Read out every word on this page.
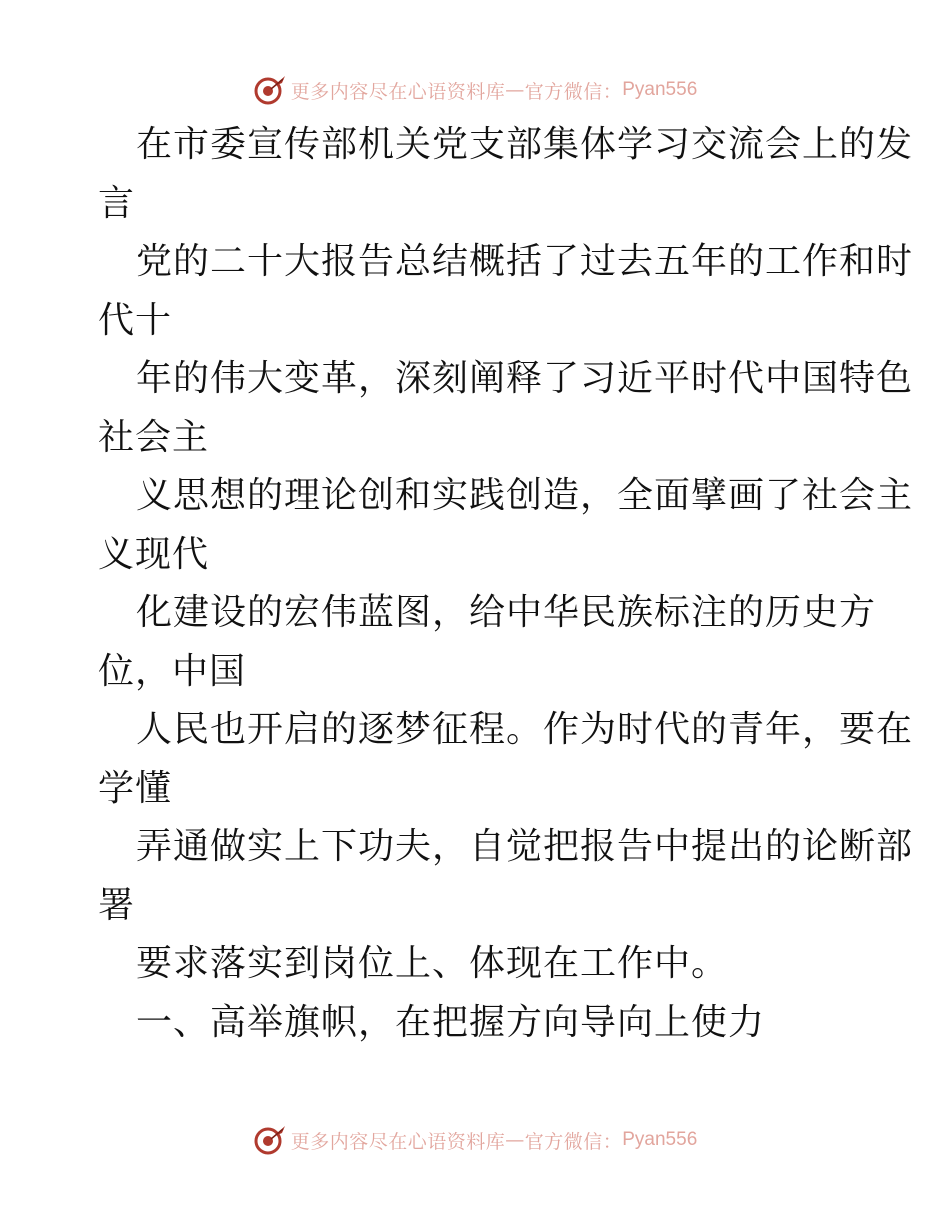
更多内容尽在心语资料库 — 官方微信： Pyan556
在市委宣传部机关党支部集体学习交流会上的发
言
党的二十大报告总结概括了过去五年的工作和时
代十
年的伟大变革，深刻阐释了习近平时代中国特色
社会主
义思想的理论创和实践创造，全面擘画了社会主
义现代
化建设的宏伟蓝图，给中华民族标注的历史方
位，中国
人民也开启的逐梦征程。作为时代的青年，要在
学懂
弄通做实上下功夫，自觉把报告中提出的论断部
署
要求落实到岗位上、体现在工作中。
一、高举旗帜，在把握方向导向上使力
更多内容尽在心语资料库 — 官方微信： Pyan556
